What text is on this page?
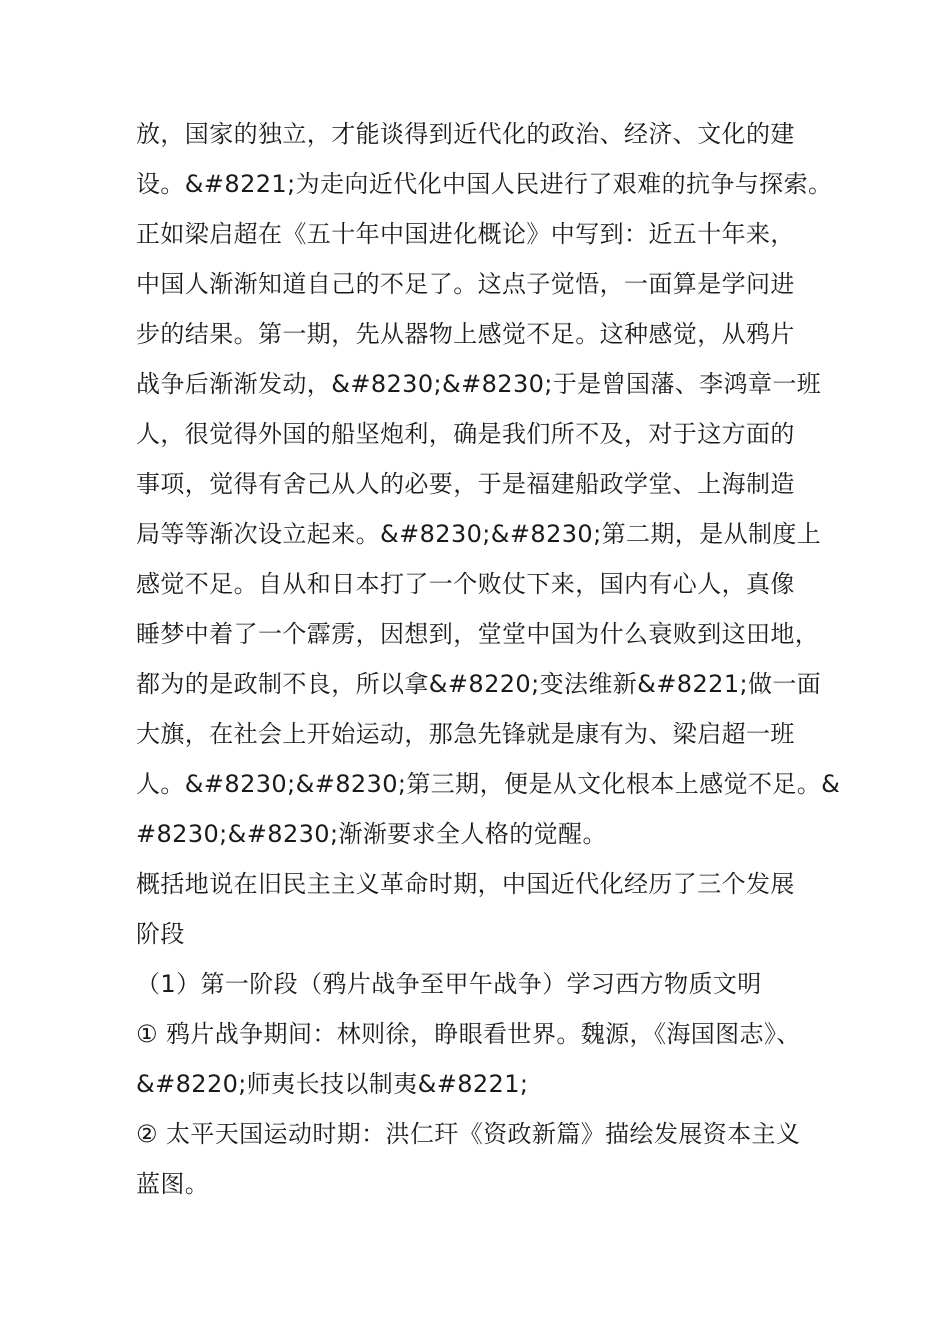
放，国家的独立，才能谈得到近代化的政治、经济、文化的建
设。&#8221;为走向近代化中国人民进行了艰难的抗争与探索。
正如梁启超在《五十年中国进化概论》中写到：近五十年来，
中国人渐渐知道自己的不足了。这点子觉悟，一面算是学问进
步的结果。第一期，先从器物上感觉不足。这种感觉，从鸦片
战争后渐渐发动，&#8230;&#8230;于是曾国藩、李鸿章一班
人，很觉得外国的船坚炮利，确是我们所不及，对于这方面的
事项，觉得有舍己从人的必要，于是福建船政学堂、上海制造
局等等渐次设立起来。&#8230;&#8230;第二期，是从制度上
感觉不足。自从和日本打了一个败仗下来，国内有心人，真像
睡梦中着了一个霹雳，因想到，堂堂中国为什么衰败到这田地，
都为的是政制不良，所以拿&#8220;变法维新&#8221;做一面
大旗，在社会上开始运动，那急先锋就是康有为、梁启超一班
人。&#8230;&#8230;第三期，便是从文化根本上感觉不足。&
#8230;&#8230;渐渐要求全人格的觉醒。
概括地说在旧民主主义革命时期，中国近代化经历了三个发展
阶段
（1）第一阶段（鸦片战争至甲午战争）学习西方物质文明
① 鸦片战争期间：林则徐，睁眼看世界。魏源，《海国图志》、
&#8220;师夷长技以制夷&#8221;
② 太平天国运动时期：洪仁玕《资政新篇》描绘发展资本主义
蓝图。
